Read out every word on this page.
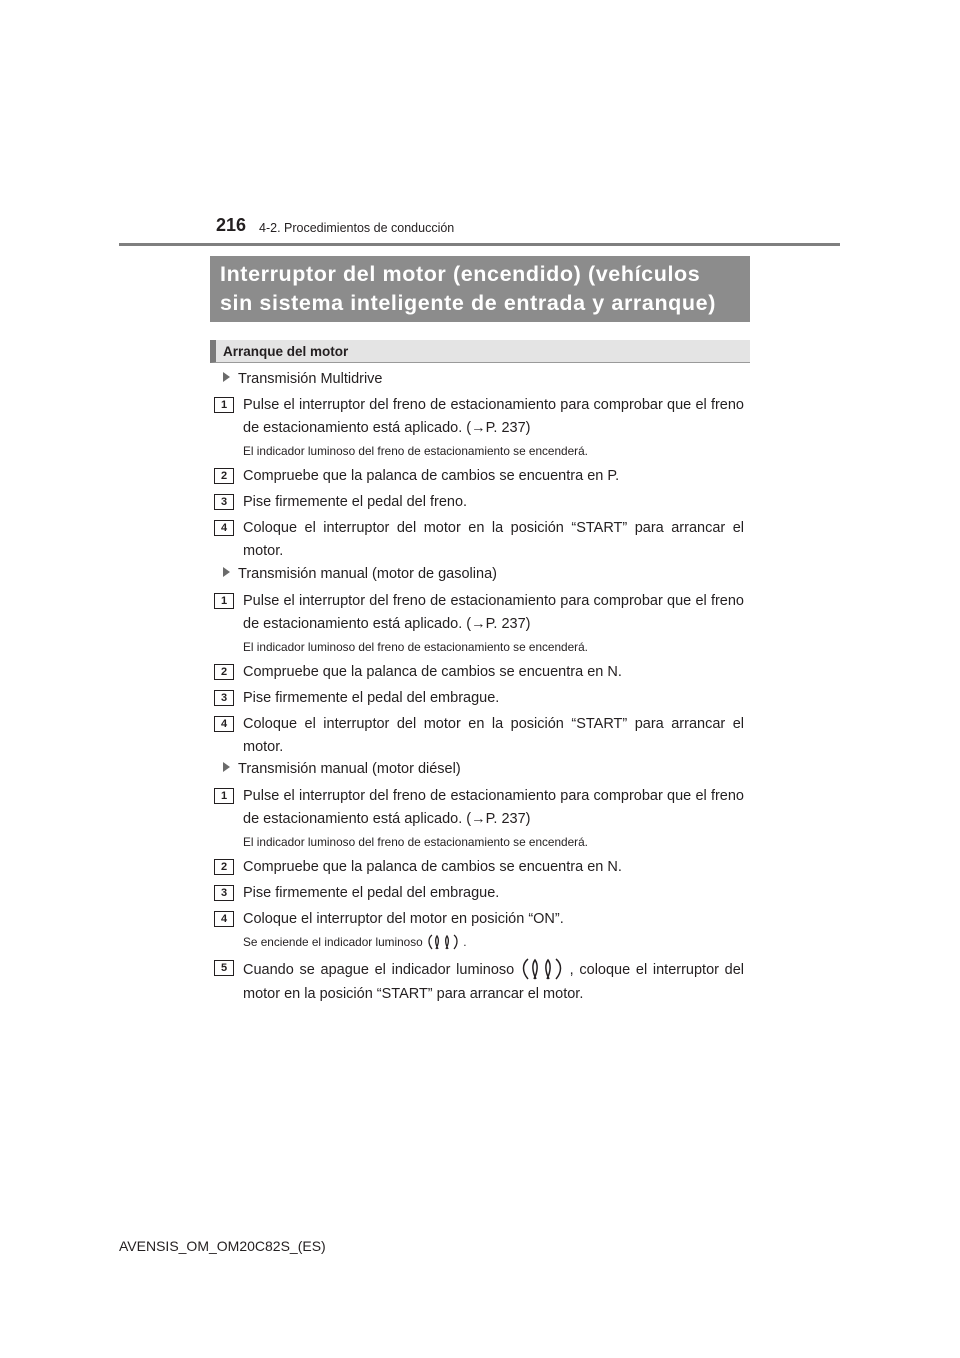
216 4-2. Procedimientos de conducción
Interruptor del motor (encendido) (vehículos
sin sistema inteligente de entrada y arranque)
Arranque del motor
Transmisión Multidrive
1	Pulse el interruptor del freno de estacionamiento para comprobar que el freno de estacionamiento está aplicado. (→P. 237)
El indicador luminoso del freno de estacionamiento se encenderá.
2	Compruebe que la palanca de cambios se encuentra en P.
3	Pise firmemente el pedal del freno.
4	Coloque el interruptor del motor en la posición “START” para arrancar el motor.
Transmisión manual (motor de gasolina)
1	Pulse el interruptor del freno de estacionamiento para comprobar que el freno de estacionamiento está aplicado. (→P. 237)
El indicador luminoso del freno de estacionamiento se encenderá.
2	Compruebe que la palanca de cambios se encuentra en N.
3	Pise firmemente el pedal del embrague.
4	Coloque el interruptor del motor en la posición “START” para arrancar el motor.
Transmisión manual (motor diésel)
1	Pulse el interruptor del freno de estacionamiento para comprobar que el freno de estacionamiento está aplicado. (→P. 237)
El indicador luminoso del freno de estacionamiento se encenderá.
2	Compruebe que la palanca de cambios se encuentra en N.
3	Pise firmemente el pedal del embrague.
4	Coloque el interruptor del motor en posición “ON”.
Se enciende el indicador luminoso	.
5	Cuando se apague el indicador luminoso	, coloque el interruptor del motor en la posición “START” para arrancar el motor.
AVENSIS_OM_OM20C82S_(ES)
